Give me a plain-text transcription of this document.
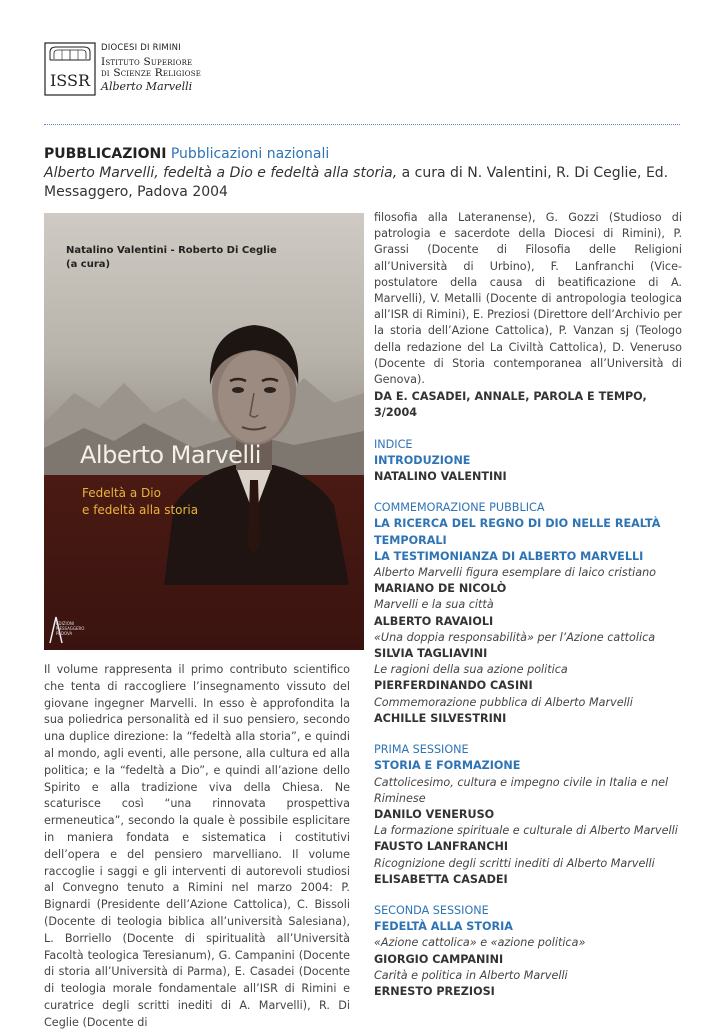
ISSR
DIOCESI DI RIMINI
Istituto Superiore
di Scienze Religiose
Alberto Marvelli
PUBBLICAZIONI Pubblicazioni nazionali
Alberto Marvelli, fedeltà a Dio e fedeltà alla storia, a cura di N. Valentini, R. Di Ceglie, Ed. Messaggero, Padova 2004
Natalino Valentini - Roberto Di Ceglie
(a cura)
Alberto Marvelli
Fedeltà a Dio
e fedeltà alla storia
EDIZIONI MESSAGGERO PADOVA
Il volume rappresenta il primo contributo scientifico che tenta di raccogliere l’insegnamento vissuto del giovane ingegner Marvelli. In esso è approfondita la sua poliedrica personalità ed il suo pensiero, secondo una duplice direzione: la “fedeltà alla storia”, e quindi al mondo, agli eventi, alle persone, alla cultura ed alla politica; e la “fedeltà a Dio”, e quindi all’azione dello Spirito e alla tradizione viva della Chiesa. Ne scaturisce così “una rinnovata prospettiva ermeneutica”, secondo la quale è possibile esplicitare in maniera fondata e sistematica i costitutivi dell’opera e del pensiero marvelliano. Il volume raccoglie i saggi e gli interventi di autorevoli studiosi al Convegno tenuto a Rimini nel marzo 2004: P. Bignardi (Presidente dell’Azione Cattolica), C. Bissoli (Docente di teologia biblica all’università Salesiana), L. Borriello (Docente di spiritualità all’Università Facoltà teologica Teresianum), G. Campanini (Docente di storia all’Università di Parma), E. Casadei (Docente di teologia morale fondamentale all’ISR di Rimini e curatrice degli scritti inediti di A. Marvelli), R. Di Ceglie (Docente di
filosofia alla Lateranense), G. Gozzi (Studioso di patrologia e sacerdote della Diocesi di Rimini), P. Grassi (Docente di Filosofia delle Religioni all’Università di Urbino), F. Lanfranchi (Vice-postulatore della causa di beatificazione di A. Marvelli), V. Metalli (Docente di antropologia teologica all’ISR di Rimini), E. Preziosi (Direttore dell’Archivio per la storia dell’Azione Cattolica), P. Vanzan sj (Teologo della redazione del La Civiltà Cattolica), D. Veneruso (Docente di Storia contemporanea all’Università di Genova).
DA E. CASADEI, ANNALE, PAROLA E TEMPO, 3/2004
INDICE
INTRODUZIONE
NATALINO VALENTINI
COMMEMORAZIONE PUBBLICA
LA RICERCA DEL REGNO DI DIO NELLE REALTÀ TEMPORALI
LA TESTIMONIANZA DI ALBERTO MARVELLI
Alberto Marvelli figura esemplare di laico cristiano
MARIANO DE NICOLÒ
Marvelli e la sua città
ALBERTO RAVAIOLI
«Una doppia responsabilità» per l’Azione cattolica
SILVIA TAGLIAVINI
Le ragioni della sua azione politica
PIERFERDINANDO CASINI
Commemorazione pubblica di Alberto Marvelli
ACHILLE SILVESTRINI
PRIMA SESSIONE
STORIA E FORMAZIONE
Cattolicesimo, cultura e impegno civile in Italia e nel Riminese
DANILO VENERUSO
La formazione spirituale e culturale di Alberto Marvelli
FAUSTO LANFRANCHI
Ricognizione degli scritti inediti di Alberto Marvelli
ELISABETTA CASADEI
SECONDA SESSIONE
FEDELTÀ ALLA STORIA
«Azione cattolica» e «azione politica»
GIORGIO CAMPANINI
Carità e politica in Alberto Marvelli
ERNESTO PREZIOSI
